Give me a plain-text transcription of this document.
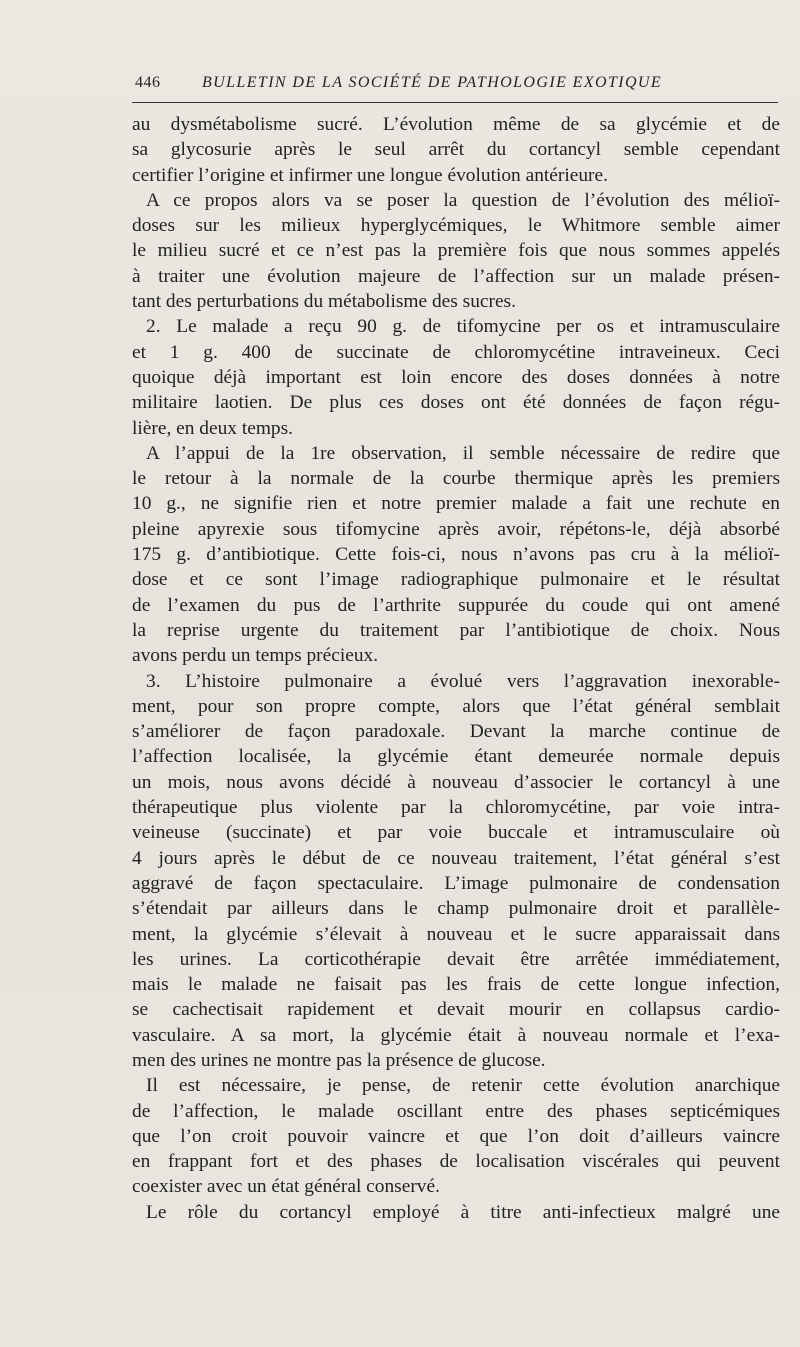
446	BULLETIN DE LA SOCIÉTÉ DE PATHOLOGIE EXOTIQUE
au dysmétabolisme sucré. L’évolution même de sa glycémie et de
sa glycosurie après le seul arrêt du cortancyl semble cependant
certifier l’origine et infirmer une longue évolution antérieure.
A ce propos alors va se poser la question de l’évolution des mélioï-
doses sur les milieux hyperglycémiques, le Whitmore semble aimer
le milieu sucré et ce n’est pas la première fois que nous sommes appelés
à traiter une évolution majeure de l’affection sur un malade présen-
tant des perturbations du métabolisme des sucres.
2. Le malade a reçu 90 g. de tifomycine per os et intramusculaire
et 1 g. 400 de succinate de chloromycétine intraveineux. Ceci
quoique déjà important est loin encore des doses données à notre
militaire laotien. De plus ces doses ont été données de façon régu-
lière, en deux temps.
A l’appui de la 1re observation, il semble nécessaire de redire que
le retour à la normale de la courbe thermique après les premiers
10 g., ne signifie rien et notre premier malade a fait une rechute en
pleine apyrexie sous tifomycine après avoir, répétons-le, déjà absorbé
175 g. d’antibiotique. Cette fois-ci, nous n’avons pas cru à la mélioï-
dose et ce sont l’image radiographique pulmonaire et le résultat
de l’examen du pus de l’arthrite suppurée du coude qui ont amené
la reprise urgente du traitement par l’antibiotique de choix. Nous
avons perdu un temps précieux.
3. L’histoire pulmonaire a évolué vers l’aggravation inexorable-
ment, pour son propre compte, alors que l’état général semblait
s’améliorer de façon paradoxale. Devant la marche continue de
l’affection localisée, la glycémie étant demeurée normale depuis
un mois, nous avons décidé à nouveau d’associer le cortancyl à une
thérapeutique plus violente par la chloromycétine, par voie intra-
veineuse (succinate) et par voie buccale et intramusculaire où
4 jours après le début de ce nouveau traitement, l’état général s’est
aggravé de façon spectaculaire. L’image pulmonaire de condensation
s’étendait par ailleurs dans le champ pulmonaire droit et parallèle-
ment, la glycémie s’élevait à nouveau et le sucre apparaissait dans
les urines. La corticothérapie devait être arrêtée immédiatement,
mais le malade ne faisait pas les frais de cette longue infection,
se cachectisait rapidement et devait mourir en collapsus cardio-
vasculaire. A sa mort, la glycémie était à nouveau normale et l’exa-
men des urines ne montre pas la présence de glucose.
Il est nécessaire, je pense, de retenir cette évolution anarchique
de l’affection, le malade oscillant entre des phases septicémiques
que l’on croit pouvoir vaincre et que l’on doit d’ailleurs vaincre
en frappant fort et des phases de localisation viscérales qui peuvent
coexister avec un état général conservé.
Le rôle du cortancyl employé à titre anti-infectieux malgré une
